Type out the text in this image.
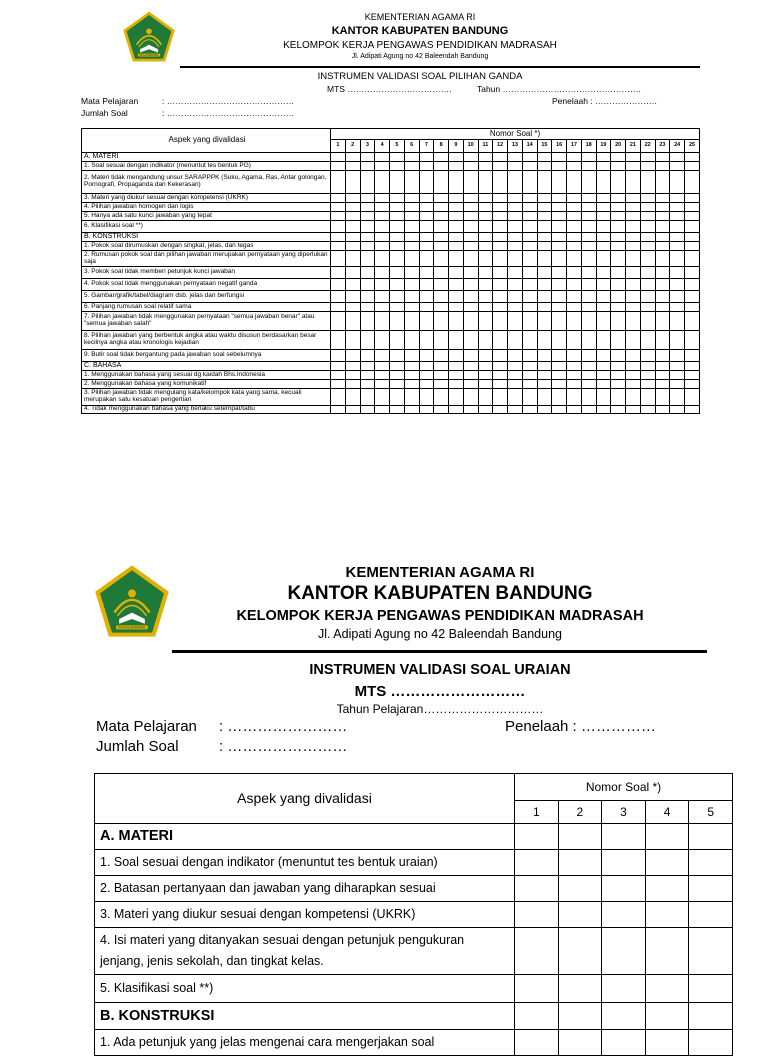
KEMENTERIAN AGAMA RI
KANTOR KABUPATEN BANDUNG
KELOMPOK KERJA PENGAWAS PENDIDIKAN MADRASAH
Jl. Adipati Agung no 42 Baleendah Bandung
INSTRUMEN VALIDASI SOAL PILIHAN GANDA
MTS ……………………………….	Tahun ………………………………………….
Mata Pelajaran	: ………………………………………	Penelaah : ………………….
Jumlah Soal	: ………………………………………
Aspek yang divalidasi	Nomor Soal *)																								
	1	2	3	4	5	6	7	8	9	10	11	12	13	14	15	16	17	18	19	20	21	22	23	24	25
A. MATERI																									
1. Soal sesuai dengan indikator (menuntut tes bentuk PG)																									
2. Materi tidak mengandung unsur SARAPPPK (Suku, Agama, Ras, Antar golongan, Pornografi, Propaganda dan Kekerasan)																									
3. Materi yang diukur sesuai dengan kompetensi (UKRK)																									
4. Pilihan jawaban homogen dan logis																									
5. Hanya ada satu kunci jawaban yang tepat																									
6. Klasifikasi soal **)																									
B. KONSTRUKSI																									
1. Pokok soal dirumuskan dengan singkat, jelas, dan tegas																									
2. Rumusan pokok soal dan pilihan jawaban merupakan pernyataan yang diperlukan saja																									
3. Pokok soal tidak memberi petunjuk kunci jawaban																									
4. Pokok soal tidak menggunakan pernyataan negatif ganda																									
5. Gambar/grafik/tabel/diagram dsb. jelas dan berfungsi																									
6. Panjang rumusan soal relatif sama																									
7. Pilihan jawaban tidak menggunakan pernyataan "semua jawaban benar" atau "semua jawaban salah"																									
8. Pilihan jawaban yang berbentuk angka atau waktu disusun berdasarkan besar kecilnya angka atau kronologis kejadian																									
9. Butir soal tidak bergantung pada jawaban soal sebelumnya																									
C. BAHASA																									
1. Menggunakan bahasa yang sesuai dg kaidah Bhs.Indonesia																									
2. Menggunakan bahasa yang komunikatif																									
3. Pilihan jawaban tidak mengulang kata/kelompok kata yang sama, kecuali merupakan satu kesatuan pengertian																									
4. Tidak menggunakan bahasa yang berlaku setempat/tabu																									
KEMENTERIAN AGAMA RI
KANTOR KABUPATEN BANDUNG
KELOMPOK KERJA PENGAWAS PENDIDIKAN MADRASAH
Jl. Adipati Agung no 42 Baleendah Bandung
INSTRUMEN VALIDASI SOAL URAIAN
MTS ………………………
Tahun Pelajaran…………………………
Mata Pelajaran : ……………………	Penelaah : ……………
Jumlah Soal	: ……………………
Aspek yang divalidasi	Nomor Soal *)				
	1	2	3	4	5
A. MATERI					
1. Soal sesuai dengan indikator (menuntut tes bentuk uraian)					
2. Batasan pertanyaan dan jawaban yang diharapkan sesuai					
3. Materi yang diukur sesuai dengan kompetensi (UKRK)					
4. Isi materi yang ditanyakan sesuai dengan petunjuk pengukuran jenjang, jenis sekolah, dan tingkat kelas.					
5. Klasifikasi soal **)					
B. KONSTRUKSI					
1. Ada petunjuk yang jelas mengenai cara mengerjakan soal					
